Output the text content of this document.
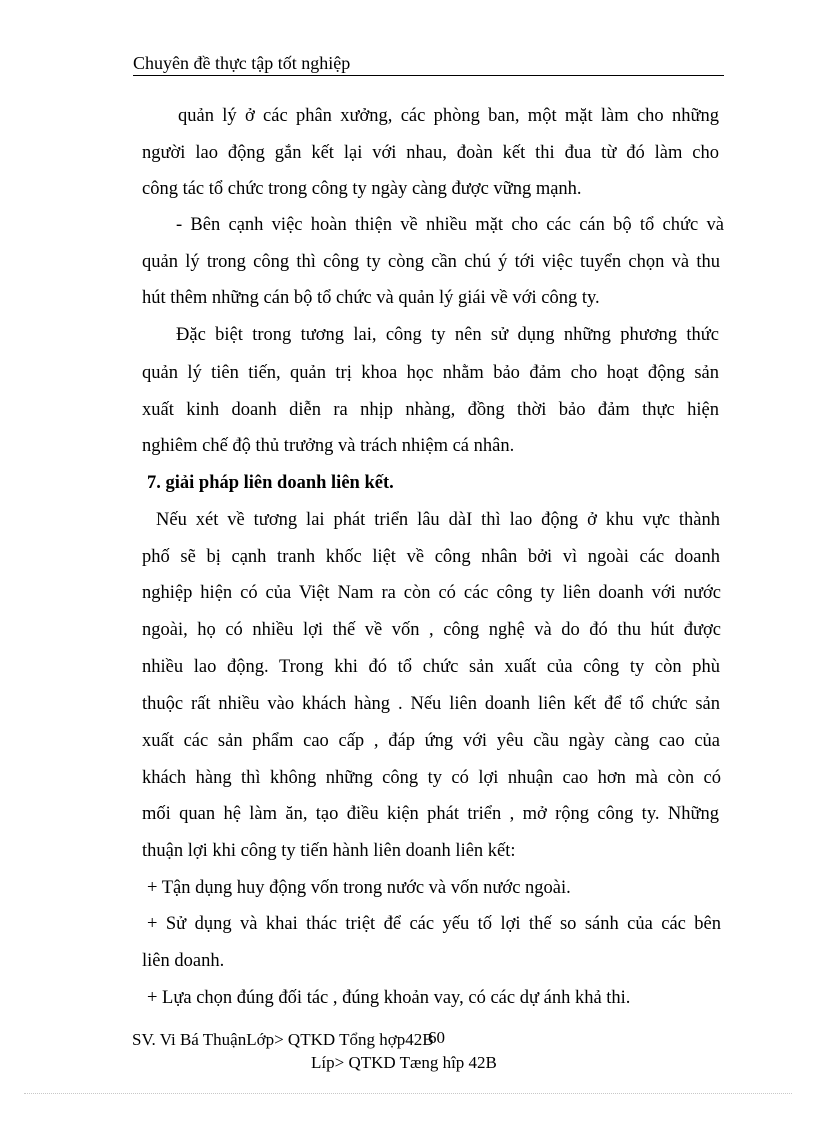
Chuyên đề thực tập tốt nghiệp
quản lý ở các phân xưởng, các phòng ban, một mặt làm cho những
người lao động gắn kết lại với nhau, đoàn kết thi đua từ đó làm cho
công tác tổ chức trong công ty ngày càng được vững mạnh.
- Bên cạnh việc hoàn thiện về nhiều mặt cho các cán bộ tổ chức và
quản lý trong công thì công ty còng cần chú ý tới việc tuyển chọn và thu
hút thêm những cán bộ tổ chức và quản lý giái về với công ty.
Đặc biệt trong tương lai, công ty nên sử dụng những phương thức
quản lý tiên tiến, quản trị khoa học nhằm bảo đảm cho hoạt động sản
xuất kinh doanh diễn ra nhịp nhàng, đồng thời bảo đảm thực hiện
nghiêm chế độ thủ trưởng và trách nhiệm cá nhân.
7. giải pháp liên doanh liên kết.
Nếu xét về tương lai phát triển lâu dàI thì lao động ở khu vực thành
phố sẽ bị cạnh tranh khốc liệt về công nhân bởi vì ngoài các doanh
nghiệp hiện có của Việt Nam ra còn có các công ty liên doanh với nước
ngoài, họ có nhiều lợi thế về vốn , công nghệ và do đó thu hút được
nhiều lao động. Trong khi đó tổ chức sản xuất của công ty còn phù
thuộc rất nhiều vào khách hàng . Nếu liên doanh liên kết để tổ chức sản
xuất các sản phẩm cao cấp , đáp ứng với yêu cầu ngày càng cao của
khách hàng thì không những công ty có lợi nhuận cao hơn mà còn có
mối quan hệ làm ăn, tạo điều kiện phát triển , mở rộng công ty. Những
thuận lợi khi công ty tiến hành liên doanh liên kết:
+ Tận dụng huy động vốn trong nước và vốn nước ngoài.
+ Sử dụng và khai thác triệt để các yếu tố lợi thế so sánh của các bên
liên doanh.
+ Lựa chọn đúng đối tác , đúng khoản vay, có các dự ánh khả thi.
SV. Vi Bá ThuậnLớp> QTKD Tổng hợp42B
60
Líp> QTKD Tæng hîp 42B
